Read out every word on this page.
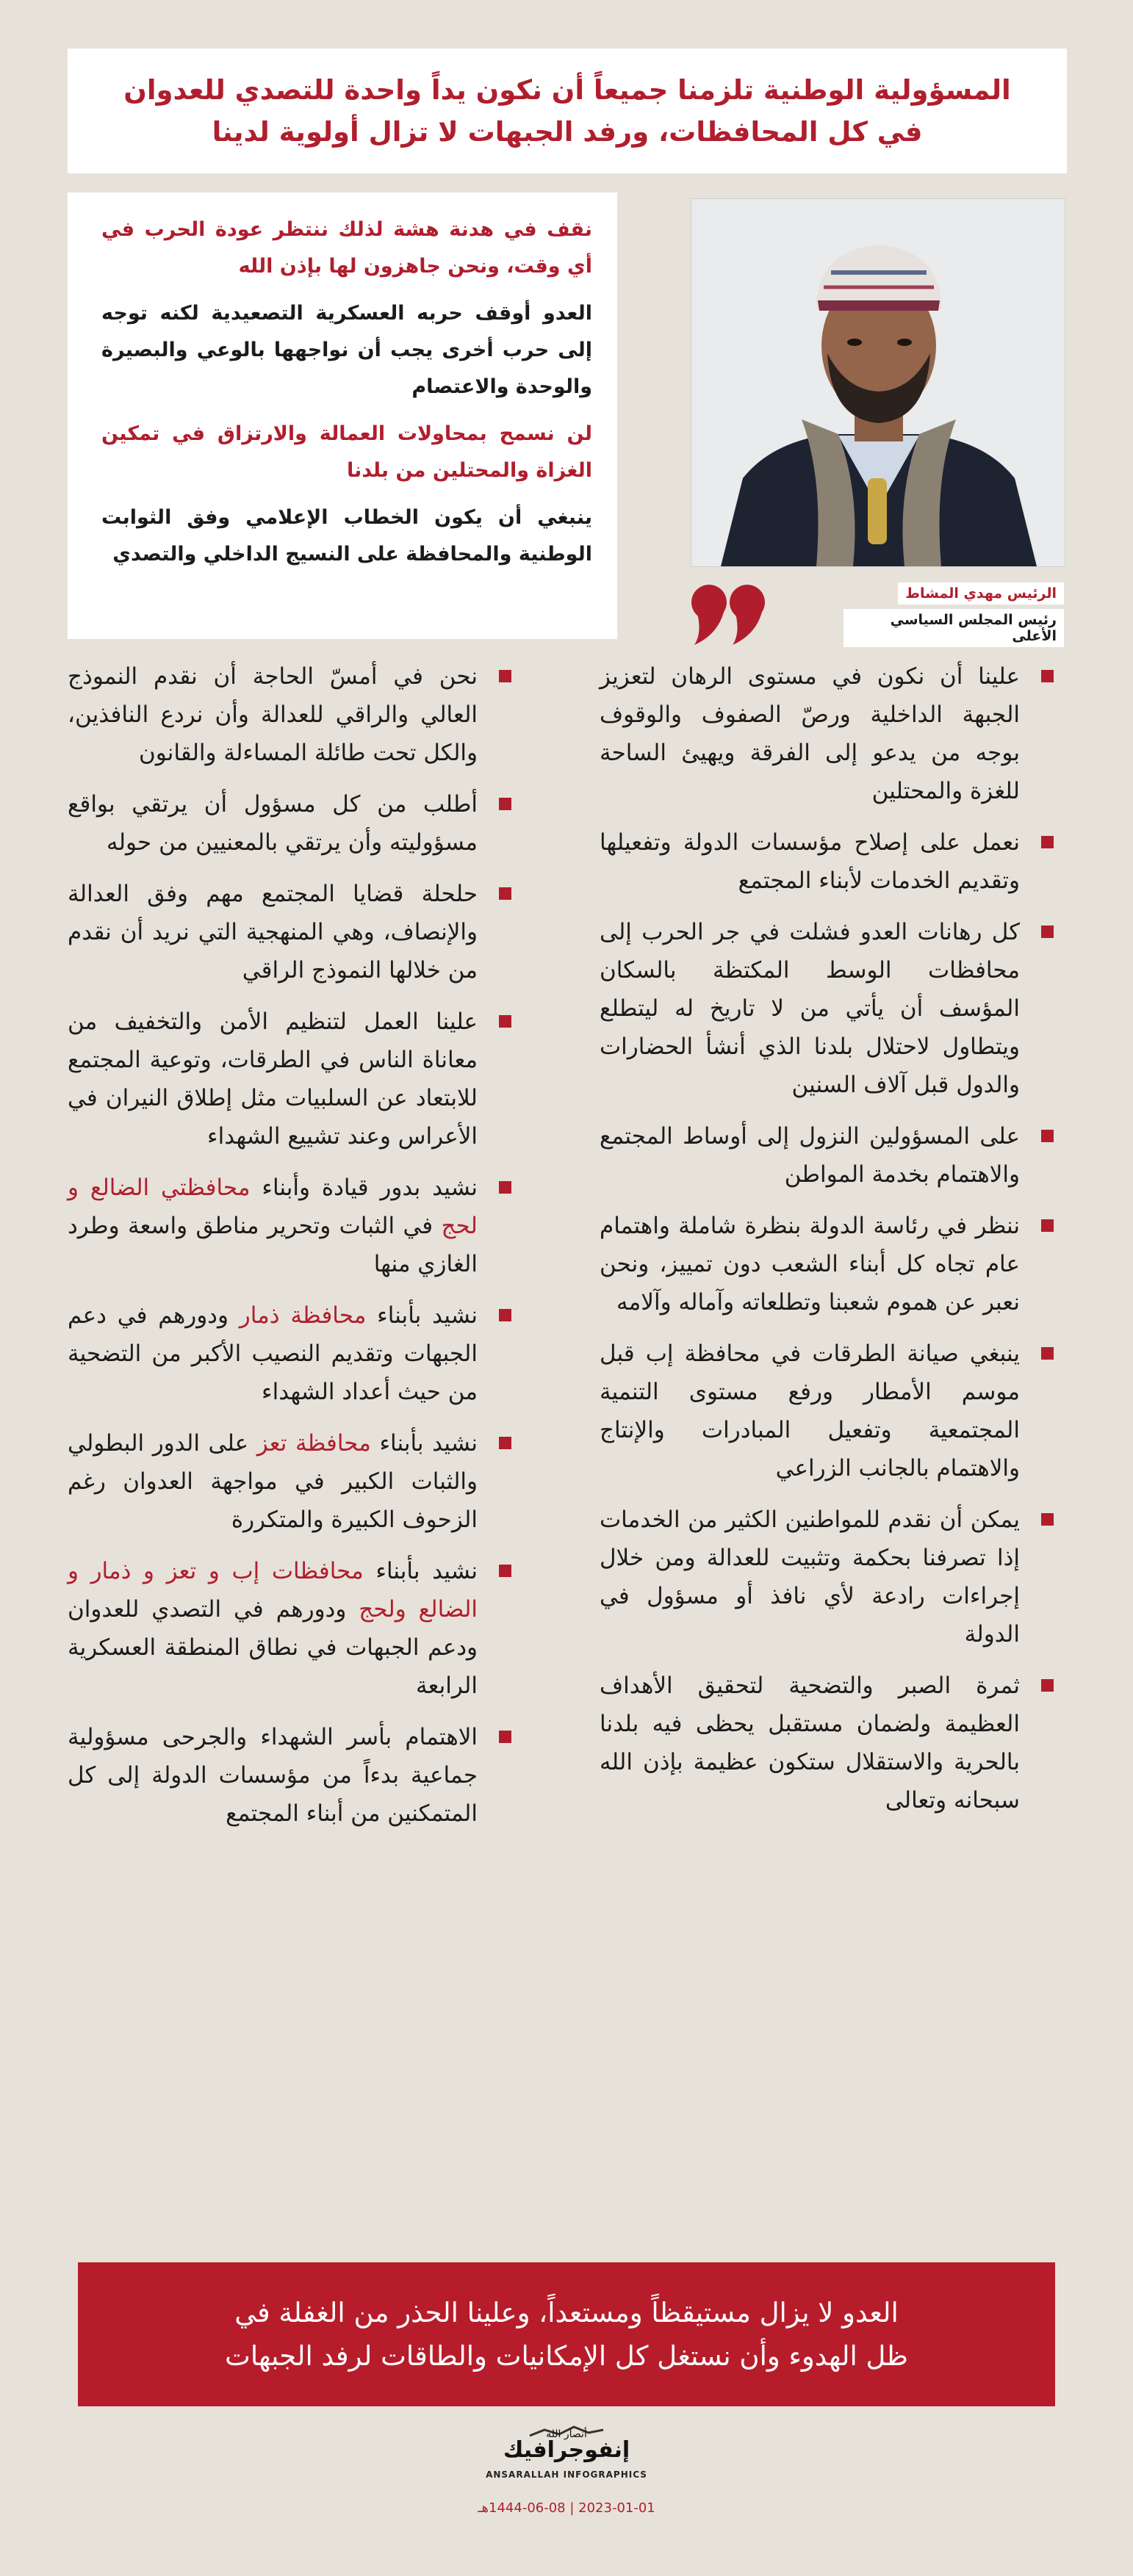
المسؤولية الوطنية تلزمنا جميعاً أن نكون يداً واحدة للتصدي للعدوان
في كل المحافظات، ورفد الجبهات لا تزال أولوية لدينا

نقف في هدنة هشة لذلك ننتظر عودة الحرب في أي وقت، ونحن جاهزون لها بإذن الله

العدو أوقف حربه العسكرية التصعيدية لكنه توجه إلى حرب أخرى يجب أن نواجهها بالوعي والبصيرة والوحدة والاعتصام

لن نسمح بمحاولات العمالة والارتزاق في تمكين الغزاة والمحتلين من بلدنا

ينبغي أن يكون الخطاب الإعلامي وفق الثوابت الوطنية والمحافظة على النسيج الداخلي والتصدي

الرئيس مهدي المشاط
رئيس المجلس السياسي الأعلى
علينا أن نكون في مستوى الرهان لتعزيز الجبهة الداخلية ورصّ الصفوف والوقوف بوجه من يدعو إلى الفرقة ويهيئ الساحة للغزة والمحتلين
نعمل على إصلاح مؤسسات الدولة وتفعيلها وتقديم الخدمات لأبناء المجتمع
كل رهانات العدو فشلت في جر الحرب إلى محافظات الوسط المكتظة بالسكان المؤسف أن يأتي من لا تاريخ له ليتطلع ويتطاول لاحتلال بلدنا الذي أنشأ الحضارات والدول قبل آلاف السنين
على المسؤولين النزول إلى أوساط المجتمع والاهتمام بخدمة المواطن
ننظر في رئاسة الدولة بنظرة شاملة واهتمام عام تجاه كل أبناء الشعب دون تمييز، ونحن نعبر عن هموم شعبنا وتطلعاته وآماله وآلامه
ينبغي صيانة الطرقات في محافظة إب قبل موسم الأمطار ورفع مستوى التنمية المجتمعية وتفعيل المبادرات والإنتاج والاهتمام بالجانب الزراعي
يمكن أن نقدم للمواطنين الكثير من الخدمات إذا تصرفنا بحكمة وتثبيت للعدالة ومن خلال إجراءات رادعة لأي نافذ أو مسؤول في الدولة
ثمرة الصبر والتضحية لتحقيق الأهداف العظيمة ولضمان مستقبل يحظى فيه بلدنا بالحرية والاستقلال ستكون عظيمة بإذن الله سبحانه وتعالى
نحن في أمسّ الحاجة أن نقدم النموذج العالي والراقي للعدالة وأن نردع النافذين، والكل تحت طائلة المساءلة والقانون
أطلب من كل مسؤول أن يرتقي بواقع مسؤوليته وأن يرتقي بالمعنيين من حوله
حلحلة قضايا المجتمع مهم وفق العدالة والإنصاف، وهي المنهجية التي نريد أن نقدم من خلالها النموذج الراقي
علينا العمل لتنظيم الأمن والتخفيف من معاناة الناس في الطرقات، وتوعية المجتمع للابتعاد عن السلبيات مثل إطلاق النيران في الأعراس وعند تشييع الشهداء
نشيد بدور قيادة وأبناء محافظتي الضالع و لحج في الثبات وتحرير مناطق واسعة وطرد الغازي منها
نشيد بأبناء محافظة ذمار ودورهم في دعم الجبهات وتقديم النصيب الأكبر من التضحية من حيث أعداد الشهداء
نشيد بأبناء محافظة تعز على الدور البطولي والثبات الكبير في مواجهة العدوان رغم الزحوف الكبيرة والمتكررة
نشيد بأبناء محافظات إب و تعز و ذمار و الضالع ولحج ودورهم في التصدي للعدوان ودعم الجبهات في نطاق المنطقة العسكرية الرابعة
الاهتمام بأسر الشهداء والجرحى مسؤولية جماعية بدءاً من مؤسسات الدولة إلى كل المتمكنين من أبناء المجتمع
العدو لا يزال مستيقظاً ومستعداً، وعلينا الحذر من الغفلة في
ظل الهدوء وأن نستغل كل الإمكانيات والطاقات لرفد الجبهات
أنصار الله
إنفوجرافيك
ANSARALLAH INFOGRAPHICS
2023-01-01 | 1444-06-08هـ
